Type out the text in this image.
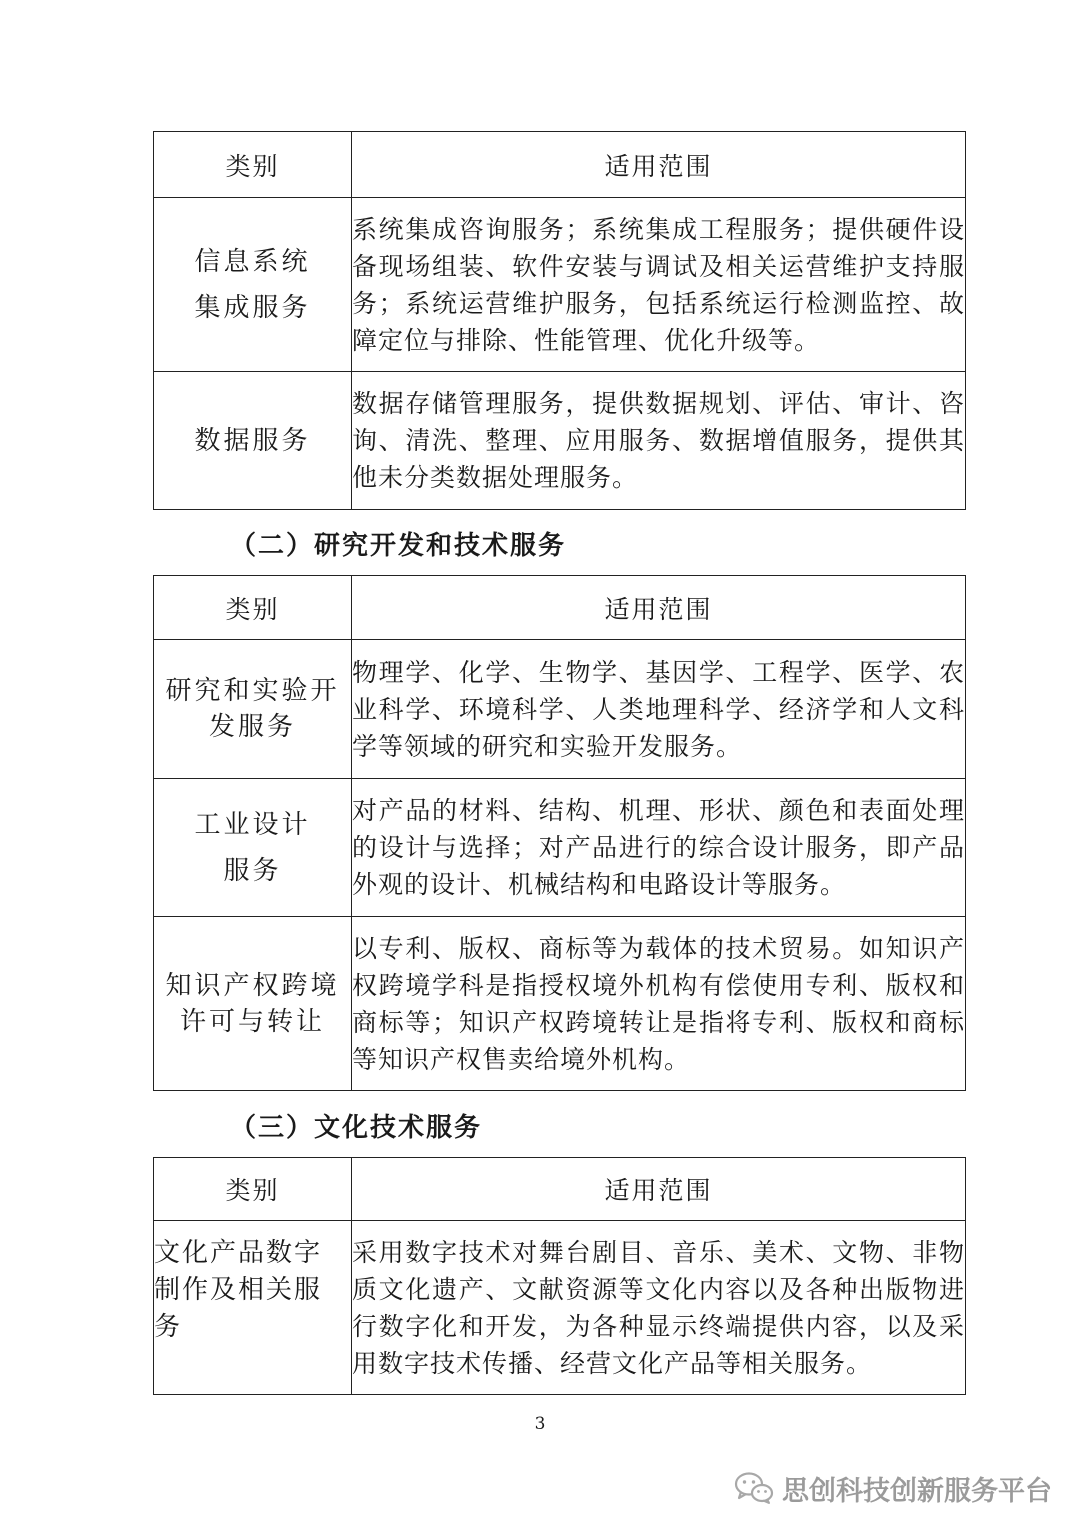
类别	适用范围

信息系统
集成服务	系统集成咨询服务；系统集成工程服务；提供硬件设备现场组装、软件安装与调试及相关运营维护支持服务；系统运营维护服务，包括系统运行检测监控、故障定位与排除、性能管理、优化升级等。

数据服务	数据存储管理服务，提供数据规划、评估、审计、咨询、清洗、整理、应用服务、数据增值服务，提供其他未分类数据处理服务。
（二）研究开发和技术服务
类别	适用范围

研究和实验开
发服务	物理学、化学、生物学、基因学、工程学、医学、农业科学、环境科学、人类地理科学、经济学和人文科学等领域的研究和实验开发服务。

工业设计
服务	对产品的材料、结构、机理、形状、颜色和表面处理的设计与选择；对产品进行的综合设计服务，即产品外观的设计、机械结构和电路设计等服务。

知识产权跨境
许可与转让	以专利、版权、商标等为载体的技术贸易。如知识产权跨境学科是指授权境外机构有偿使用专利、版权和商标等；知识产权跨境转让是指将专利、版权和商标等知识产权售卖给境外机构。
（三）文化技术服务
类别	适用范围

文化产品数字
制作及相关服
务	采用数字技术对舞台剧目、音乐、美术、文物、非物质文化遗产、文献资源等文化内容以及各种出版物进行数字化和开发，为各种显示终端提供内容，以及采用数字技术传播、经营文化产品等相关服务。
3
思创科技创新服务平台
